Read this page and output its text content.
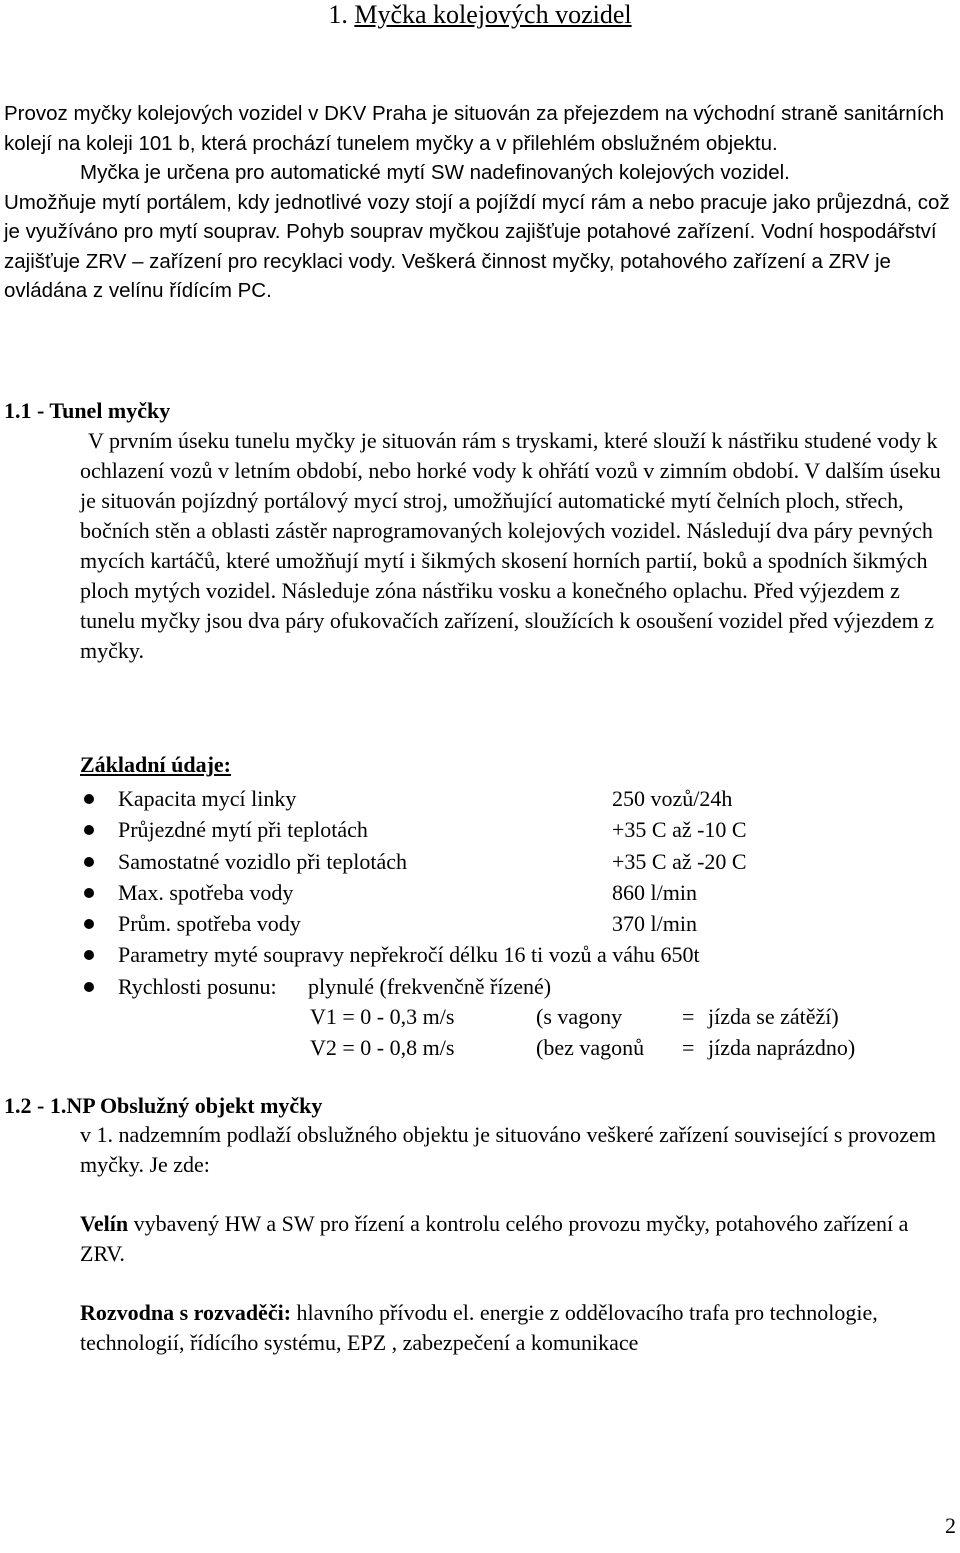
1. Myčka kolejových vozidel

Provoz myčky kolejových vozidel v DKV Praha je situován za přejezdem na východní straně sanitárních kolejí na koleji 101 b, která prochází tunelem myčky a v přilehlém obslužném objektu.

Myčka je určena pro automatické mytí SW nadefinovaných kolejových vozidel.

Umožňuje mytí portálem, kdy jednotlivé vozy stojí a pojíždí mycí rám a nebo pracuje jako průjezdná, což je využíváno pro mytí souprav. Pohyb souprav myčkou zajišťuje potahové zařízení. Vodní hospodářství zajišťuje ZRV – zařízení pro recyklaci vody. Veškerá činnost myčky, potahového zařízení a ZRV je ovládána z velínu řídícím PC.

1.1 - Tunel myčky

V prvním úseku tunelu myčky je situován rám s tryskami, které slouží k nástřiku studené vody k ochlazení vozů v letním období, nebo horké vody k ohřátí vozů v zimním období. V dalším úseku je situován pojízdný portálový mycí stroj, umožňující automatické mytí čelních ploch, střech, bočních stěn a oblasti zástěr naprogramovaných kolejových vozidel. Následují dva páry pevných mycích kartáčů, které umožňují mytí i šikmých skosení horních partií, boků a spodních šikmých ploch mytých vozidel. Následuje zóna nástřiku vosku a konečného oplachu. Před výjezdem z tunelu myčky jsou dva páry ofukovačích zařízení, sloužících k osoušení vozidel před výjezdem z myčky.

Základní údaje:
Kapacita mycí linky	250 vozů/24h
Průjezdné mytí při teplotách	+35 C až -10 C
Samostatné vozidlo při teplotách	+35 C až -20 C
Max. spotřeba vody	860 l/min
Prům. spotřeba vody	370 l/min
Parametry myté soupravy nepřekročí délku 16 ti vozů a váhu 650t
Rychlosti posunu: plynulé (frekvenčně řízené)
V1 = 0 - 0,3 m/s	(s vagony	= jízda se zátěží)
V2 = 0 - 0,8 m/s	(bez vagonů = jízda naprázdno)
1.2 - 1.NP Obslužný objekt myčky

v 1. nadzemním podlaží obslužného objektu je situováno veškeré zařízení související s provozem myčky. Je zde:

Velín vybavený HW a SW pro řízení a kontrolu celého provozu myčky, potahového zařízení a ZRV.

Rozvodna s rozvaděči: hlavního přívodu el. energie z oddělovacího trafa pro technologie, technologií, řídícího systému, EPZ , zabezpečení a komunikace

2
